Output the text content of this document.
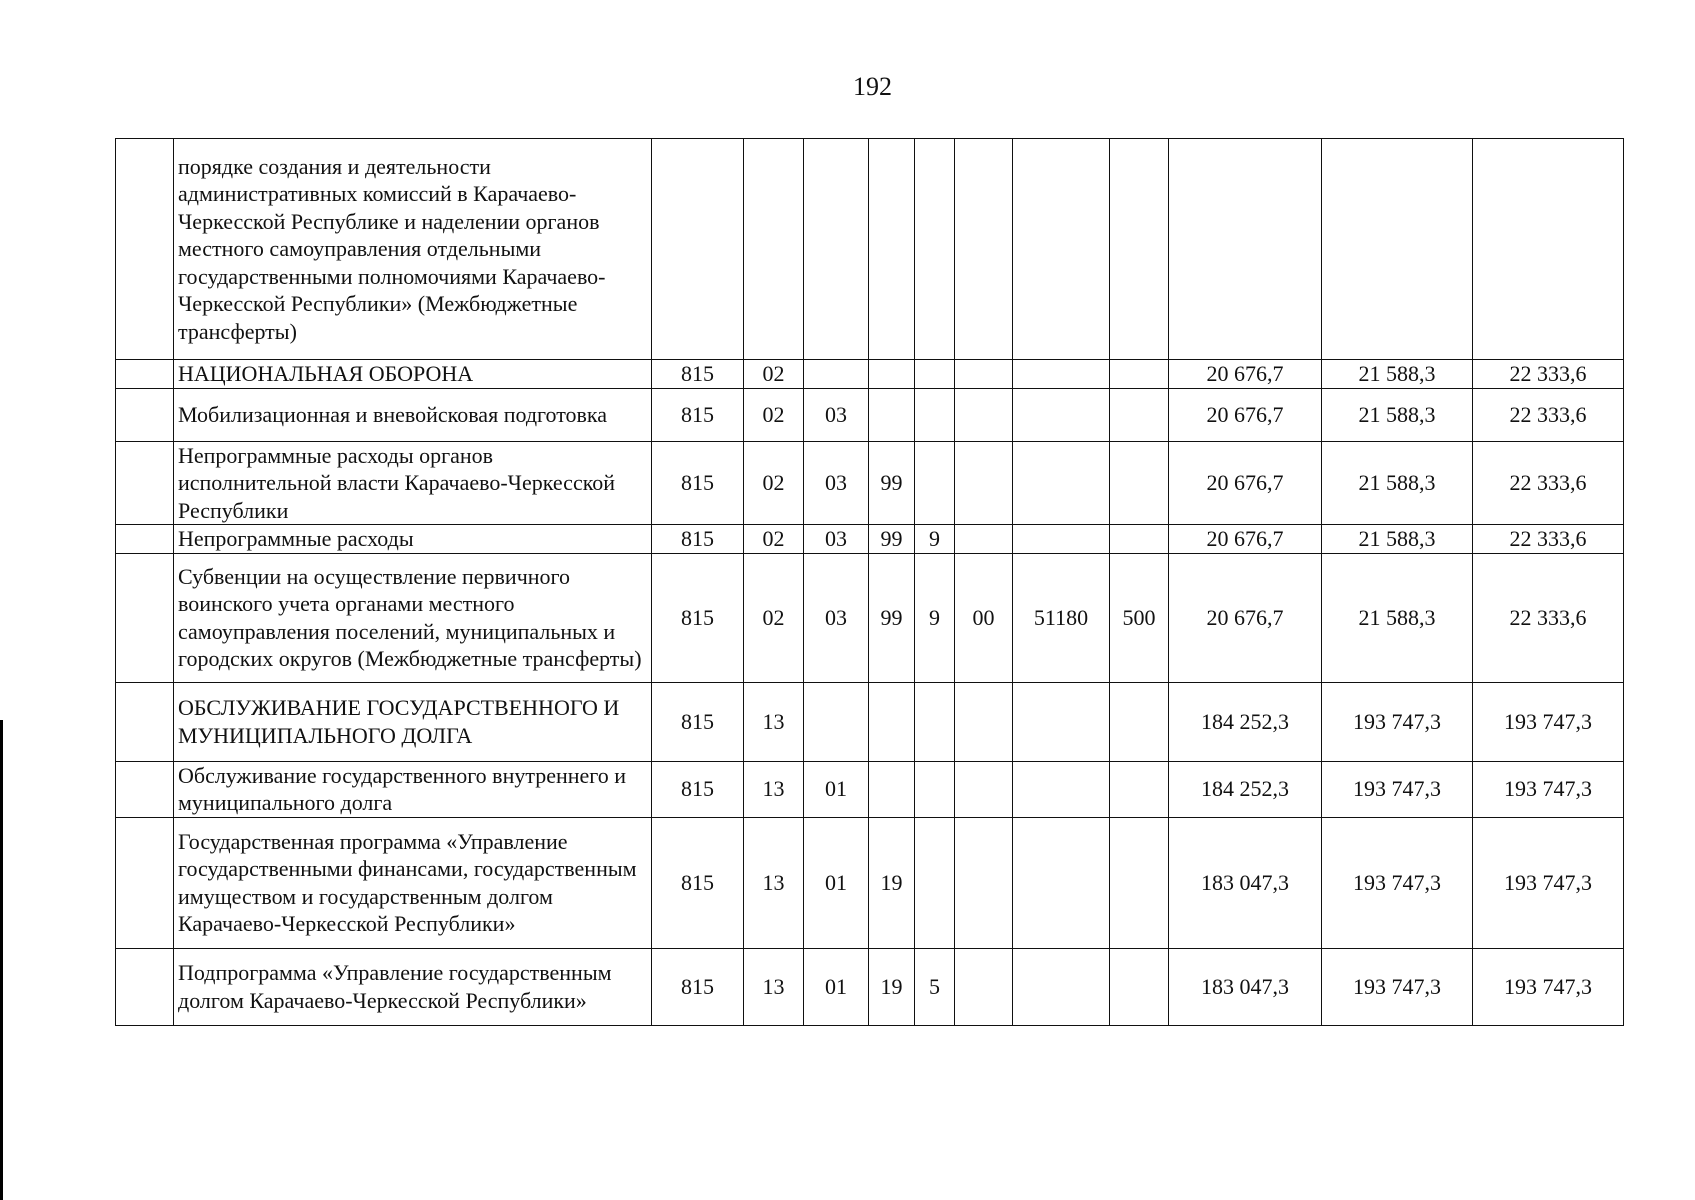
192
	порядке создания и деятельности административных комиссий в Карачаево-Черкесской Республике и наделении органов местного самоуправления отдельными государственными полномочиями Карачаево-Черкесской Республики» (Межбюджетные трансферты)											
	НАЦИОНАЛЬНАЯ ОБОРОНА	815	02							20 676,7	21 588,3	22 333,6
	Мобилизационная и вневойсковая подготовка	815	02	03						20 676,7	21 588,3	22 333,6
	Непрограммные расходы органов исполнительной власти Карачаево-Черкесской Республики	815	02	03	99					20 676,7	21 588,3	22 333,6
	Непрограммные расходы	815	02	03	99	9				20 676,7	21 588,3	22 333,6
	Субвенции на осуществление первичного воинского учета органами местного самоуправления поселений, муниципальных и городских округов (Межбюджетные трансферты)	815	02	03	99	9	00	51180	500	20 676,7	21 588,3	22 333,6
	ОБСЛУЖИВАНИЕ ГОСУДАРСТВЕННОГО И МУНИЦИПАЛЬНОГО ДОЛГА	815	13							184 252,3	193 747,3	193 747,3
	Обслуживание государственного внутреннего и муниципального долга	815	13	01						184 252,3	193 747,3	193 747,3
	Государственная программа «Управление государственными финансами, государственным имуществом и государственным долгом Карачаево-Черкесской Республики»	815	13	01	19					183 047,3	193 747,3	193 747,3
	Подпрограмма «Управление государственным долгом Карачаево-Черкесской Республики»	815	13	01	19	5				183 047,3	193 747,3	193 747,3
